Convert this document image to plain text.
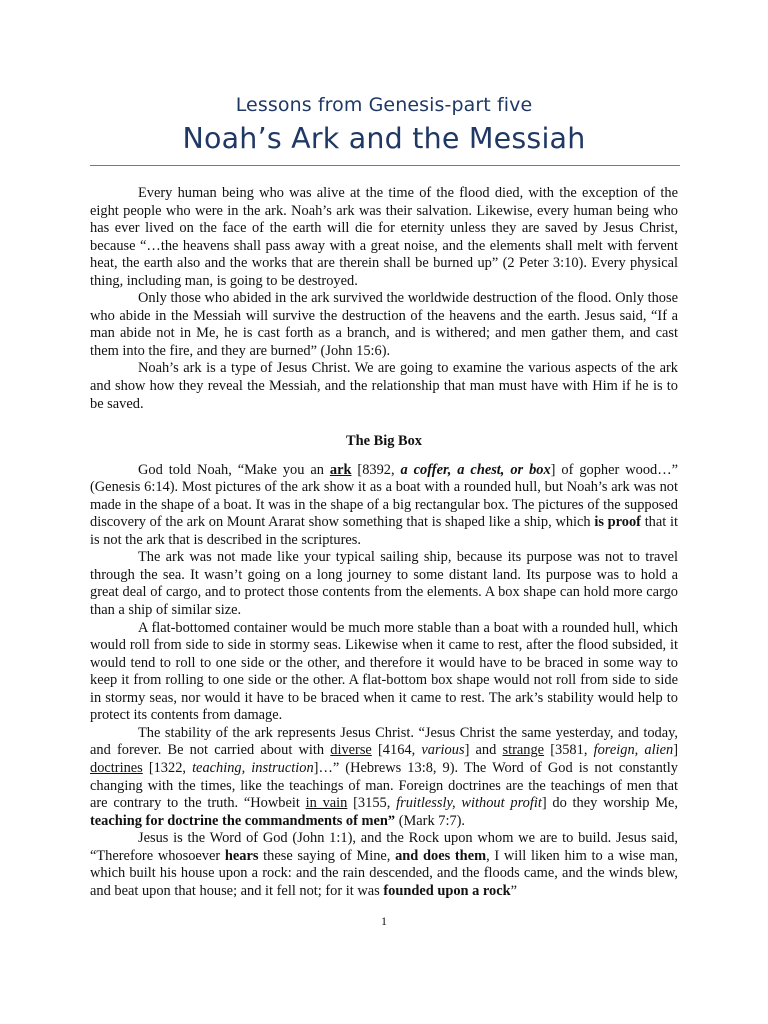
Lessons from Genesis-part five
Noah’s Ark and the Messiah

Every human being who was alive at the time of the flood died, with the exception of the eight people who were in the ark. Noah’s ark was their salvation. Likewise, every human being who has ever lived on the face of the earth will die for eternity unless they are saved by Jesus Christ, because “…the heavens shall pass away with a great noise, and the elements shall melt with fervent heat, the earth also and the works that are therein shall be burned up” (2 Peter 3:10). Every physical thing, including man, is going to be destroyed.

Only those who abided in the ark survived the worldwide destruction of the flood. Only those who abide in the Messiah will survive the destruction of the heavens and the earth. Jesus said, “If a man abide not in Me, he is cast forth as a branch, and is withered; and men gather them, and cast them into the fire, and they are burned” (John 15:6).

Noah’s ark is a type of Jesus Christ. We are going to examine the various aspects of the ark and show how they reveal the Messiah, and the relationship that man must have with Him if he is to be saved.

The Big Box

God told Noah, “Make you an ark [8392, a coffer, a chest, or box] of gopher wood…” (Genesis 6:14). Most pictures of the ark show it as a boat with a rounded hull, but Noah’s ark was not made in the shape of a boat. It was in the shape of a big rectangular box. The pictures of the supposed discovery of the ark on Mount Ararat show something that is shaped like a ship, which is proof that it is not the ark that is described in the scriptures.

The ark was not made like your typical sailing ship, because its purpose was not to travel through the sea. It wasn’t going on a long journey to some distant land. Its purpose was to hold a great deal of cargo, and to protect those contents from the elements. A box shape can hold more cargo than a ship of similar size.

A flat-bottomed container would be much more stable than a boat with a rounded hull, which would roll from side to side in stormy seas. Likewise when it came to rest, after the flood subsided, it would tend to roll to one side or the other, and therefore it would have to be braced in some way to keep it from rolling to one side or the other. A flat-bottom box shape would not roll from side to side in stormy seas, nor would it have to be braced when it came to rest. The ark’s stability would help to protect its contents from damage.

The stability of the ark represents Jesus Christ. “Jesus Christ the same yesterday, and today, and forever. Be not carried about with diverse [4164, various] and strange [3581, foreign, alien] doctrines [1322, teaching, instruction]…” (Hebrews 13:8, 9). The Word of God is not constantly changing with the times, like the teachings of man. Foreign doctrines are the teachings of men that are contrary to the truth. “Howbeit in vain [3155, fruitlessly, without profit] do they worship Me, teaching for doctrine the commandments of men” (Mark 7:7).

Jesus is the Word of God (John 1:1), and the Rock upon whom we are to build. Jesus said, “Therefore whosoever hears these saying of Mine, and does them, I will liken him to a wise man, which built his house upon a rock: and the rain descended, and the floods came, and the winds blew, and beat upon that house; and it fell not; for it was founded upon a rock”

1
